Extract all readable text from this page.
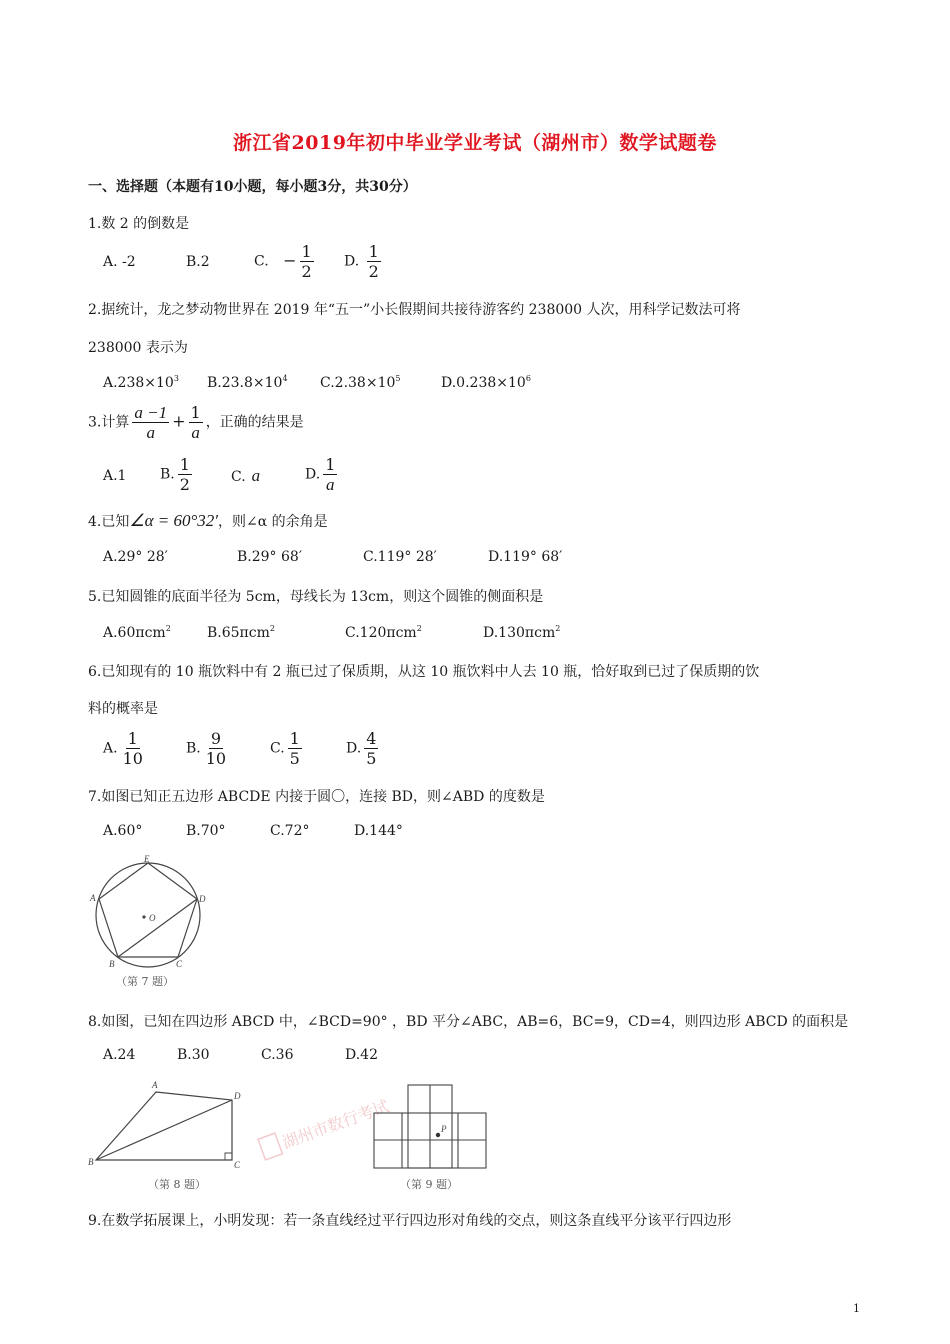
浙江省2019年初中毕业学业考试（湖州市）数学试题卷
一、选择题（本题有10小题，每小题3分，共30分）
1.数 2 的倒数是
A. -2	B.2	C. − $\frac{1}{2} D$. $\frac{1}{2}$
2.据统计，龙之梦动物世界在 2019 年“五一”小长假期间共接待游客约 238000 人次，用科学记数法可将
238000 表示为
$A.238\times 10^3$ $B.23.8\times 10^4$ $C.2.38\times 10^5$	$D.0.238\times 10^6$
3.计算 $\frac{a -1}{a} + \frac{1}{a}$ ，正确的结果是
A.1 B. $\frac{1}{2}$	C. a	D. $\frac{1}{a}$
4.已知∠α = 60°32′，则∠α 的余角是
A.29° 28′	B.29° 68′	C.119° 28′	D.119° 68′
5.已知圆锥的底面半径为 5cm，母线长为 13cm，则这个圆锥的侧面积是
A.60πcm$^2$	B.65πcm$^2$	C.120πcm$^2$	D.130πcm$^2$
6.已知现有的 10 瓶饮料中有 2 瓶已过了保质期，从这 10 瓶饮料中人去 10 瓶，恰好取到已过了保质期的饮
料的概率是
A. $\frac{1}{10}$	B. $\frac{9}{10}$	C. $\frac{1}{5}$	D. $\frac{4}{5}$
7.如图已知正五边形 ABCDE 内接于圆〇，连接 BD，则∠ABD 的度数是
A.60°	B.70°	C.72°	D.144°
E
A	D
O
B	C
（第 7 题）
8.如图，已知在四边形 ABCD 中，∠BCD=90° ，BD 平分∠ABC，AB=6，BC=9，CD=4，则四边形 ABCD 的面积是
A.24	B.30	C.36	D.42
A
D
B	C
（第 8 题）
湖州市数行考试	P
（第 9 题）
9.在数学拓展课上，小明发现：若一条直线经过平行四边形对角线的交点，则这条直线平分该平行四边形
1
